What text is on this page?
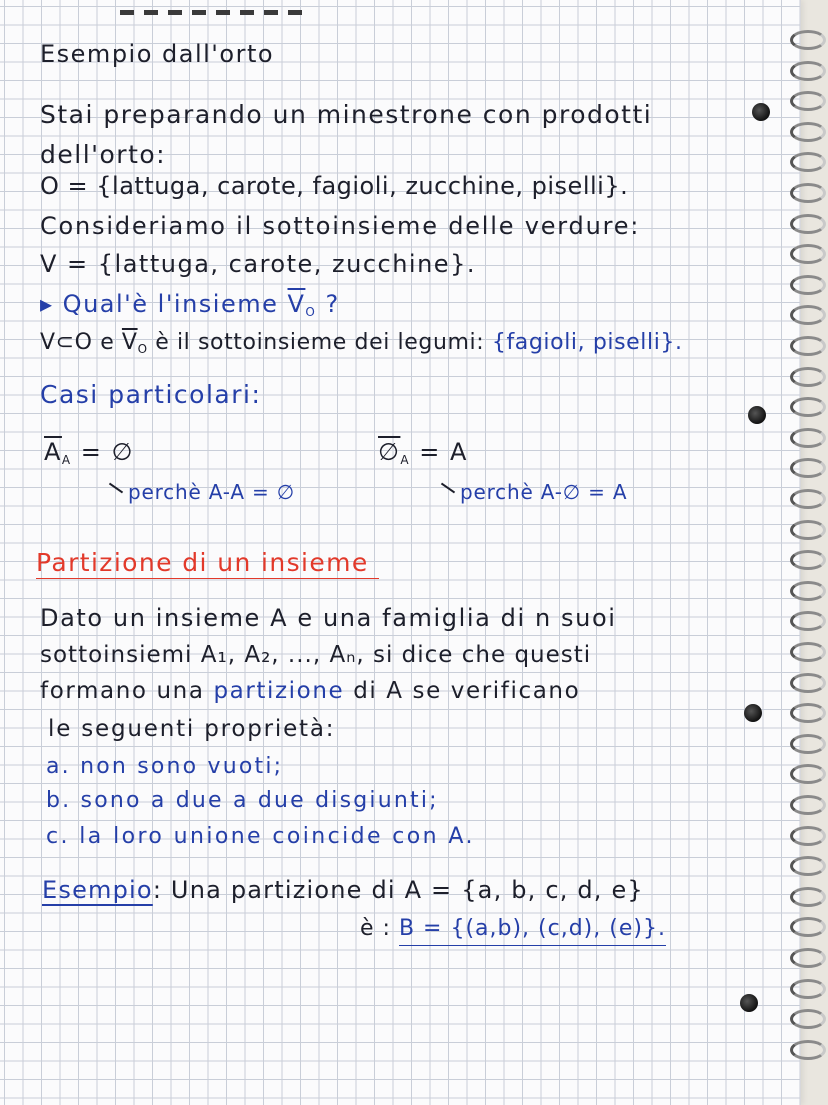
Esempio dall'orto
Stai preparando un minestrone con prodotti
dell'orto:
O = {lattuga, carote, fagioli, zucchine, piselli}.
Consideriamo il sottoinsieme delle verdure:
V = {lattuga, carote, zucchine}.
▸ Qual'è l'insieme $\overline{V}_O$ ?
V⊂O e $\overline{V}_O$ è il sottoinsieme dei legumi: {fagioli, piselli}.
Casi particolari:
$\overline{A}_A$ = ∅
perchè A-A = ∅
$\emptyset_A = A$
perchè A-∅ = A
Partizione di un insieme
Dato un insieme A e una famiglia di n suoi
sottoinsiemi A₁, A₂, ..., Aₙ, si dice che questi
formano una partizione di A se verificano
le seguenti proprietà:
a. non sono vuoti;
b. sono a due a due disgiunti;
c. la loro unione coincide con A.
Esempio: Una partizione di A = {a, b, c, d, e}
è : B = {(a,b), (c,d), (e)}.
